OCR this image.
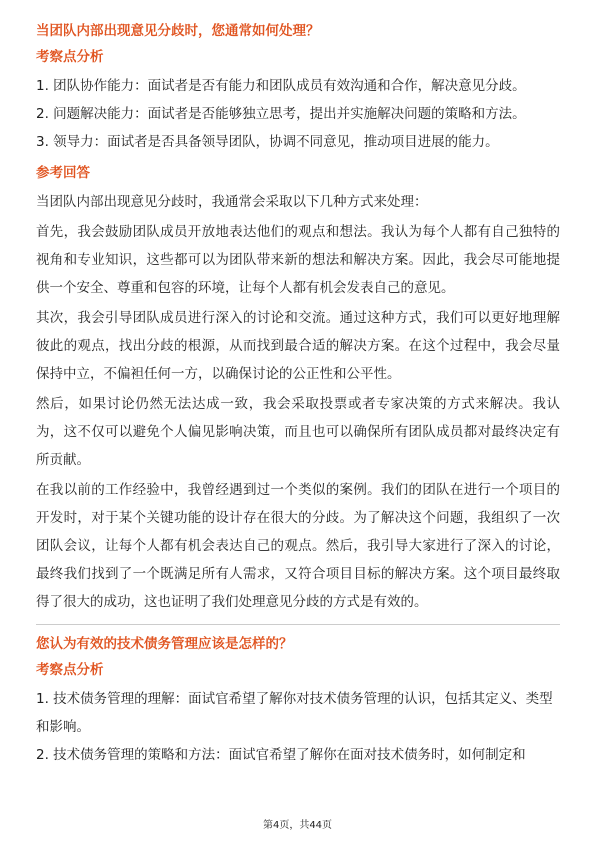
当团队内部出现意见分歧时，您通常如何处理？
考察点分析

1. 团队协作能力：面试者是否有能力和团队成员有效沟通和合作，解决意见分歧。

2. 问题解决能力：面试者是否能够独立思考，提出并实施解决问题的策略和方法。

3. 领导力：面试者是否具备领导团队，协调不同意见，推动项目进展的能力。

参考回答

当团队内部出现意见分歧时，我通常会采取以下几种方式来处理：

首先，我会鼓励团队成员开放地表达他们的观点和想法。我认为每个人都有自己独特的视角和专业知识，这些都可以为团队带来新的想法和解决方案。因此，我会尽可能地提供一个安全、尊重和包容的环境，让每个人都有机会发表自己的意见。

其次，我会引导团队成员进行深入的讨论和交流。通过这种方式，我们可以更好地理解彼此的观点，找出分歧的根源，从而找到最合适的解决方案。在这个过程中，我会尽量保持中立，不偏袒任何一方，以确保讨论的公正性和公平性。

然后，如果讨论仍然无法达成一致，我会采取投票或者专家决策的方式来解决。我认为，这不仅可以避免个人偏见影响决策，而且也可以确保所有团队成员都对最终决定有所贡献。

在我以前的工作经验中，我曾经遇到过一个类似的案例。我们的团队在进行一个项目的开发时，对于某个关键功能的设计存在很大的分歧。为了解决这个问题，我组织了一次团队会议，让每个人都有机会表达自己的观点。然后，我引导大家进行了深入的讨论，最终我们找到了一个既满足所有人需求，又符合项目目标的解决方案。这个项目最终取得了很大的成功，这也证明了我们处理意见分歧的方式是有效的。

您认为有效的技术债务管理应该是怎样的？
考察点分析

1. 技术债务管理的理解：面试官希望了解你对技术债务管理的认识，包括其定义、类型和影响。

2. 技术债务管理的策略和方法：面试官希望了解你在面对技术债务时，如何制定和

第4页，共44页
